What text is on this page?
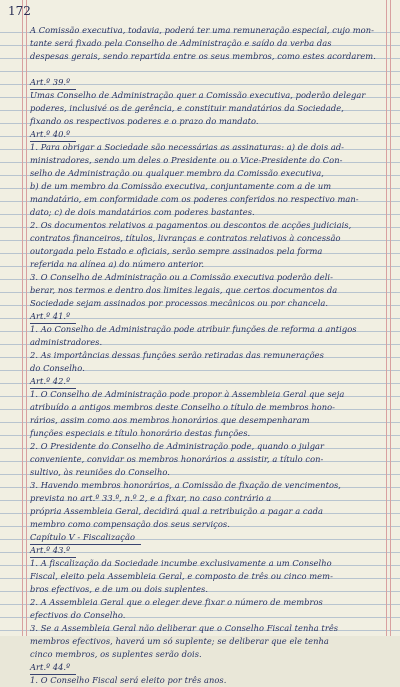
172
A Comissão executiva, todavia, poderá ter uma remuneração especial, cujo mon-
tante será fixado pela Conselho de Administração e saído da verba das
despesas gerais, sendo repartida entre os seus membros, como estes acordarem.
Art.º 39.º
Umas Conselho de Administração quer a Comissão executiva, poderão delegar
poderes, inclusivé os de gerência, e constituir mandatários da Sociedade,
fixando os respectivos poderes e o prazo do mandato.
Art.º 40.º
1. Para obrigar a Sociedade são necessárias as assinaturas: a) de dois ad-
ministradores, sendo um deles o Presidente ou o Vice-Presidente do Con-
selho de Administração ou qualquer membro da Comissão executiva,
b) de um membro da Comissão executiva, conjuntamente com a de um
mandatário, em conformidade com os poderes conferidos no respectivo man-
dato; c) de dois mandatários com poderes bastantes.
2. Os documentos relativos a pagamentos ou descontos de acções judiciais,
contratos financeiros, títulos, livranças e contratos relativos à concessão
outorgada pelo Estado e oficiais, serão sempre assinados pela forma
referida na alínea a) do número anterior.
3. O Conselho de Administração ou a Comissão executiva poderão deli-
berar, nos termos e dentro dos limites legais, que certos documentos da
Sociedade sejam assinados por processos mecânicos ou por chancela.
Art.º 41.º
1. Ao Conselho de Administração pode atribuir funções de reforma a antigos
administradores.
2. As importâncias dessas funções serão retiradas das remunerações
do Conselho.
Art.º 42.º
1. O Conselho de Administração pode propor à Assembleia Geral que seja
atribuído a antigos membros deste Conselho o título de membros hono-
rários, assim como aos membros honorários que desempenharam
funções especiais e título honorário destas funções.
2. O Presidente do Conselho de Administração pode, quando o julgar
conveniente, convidar os membros honorários a assistir, a título con-
sultivo, às reuniões do Conselho.
3. Havendo membros honorários, a Comissão de fixação de vencimentos,
prevista no art.º 33.º, n.º 2, e a fixar, no caso contrário a
própria Assembleia Geral, decidirá qual a retribuição a pagar a cada
membro como compensação dos seus serviços.
Capítulo V - Fiscalização
Art.º 43.º
1. A fiscalização da Sociedade incumbe exclusivamente a um Conselho
Fiscal, eleito pela Assembleia Geral, e composto de três ou cinco mem-
bros efectivos, e de um ou dois suplentes.
2. A Assembleia Geral que o eleger deve fixar o número de membros
efectivos do Conselho.
3. Se a Assembleia Geral não deliberar que o Conselho Fiscal tenha três
membros efectivos, haverá um só suplente; se deliberar que ele tenha
cinco membros, os suplentes serão dois.
Art.º 44.º
1. O Conselho Fiscal será eleito por três anos.
